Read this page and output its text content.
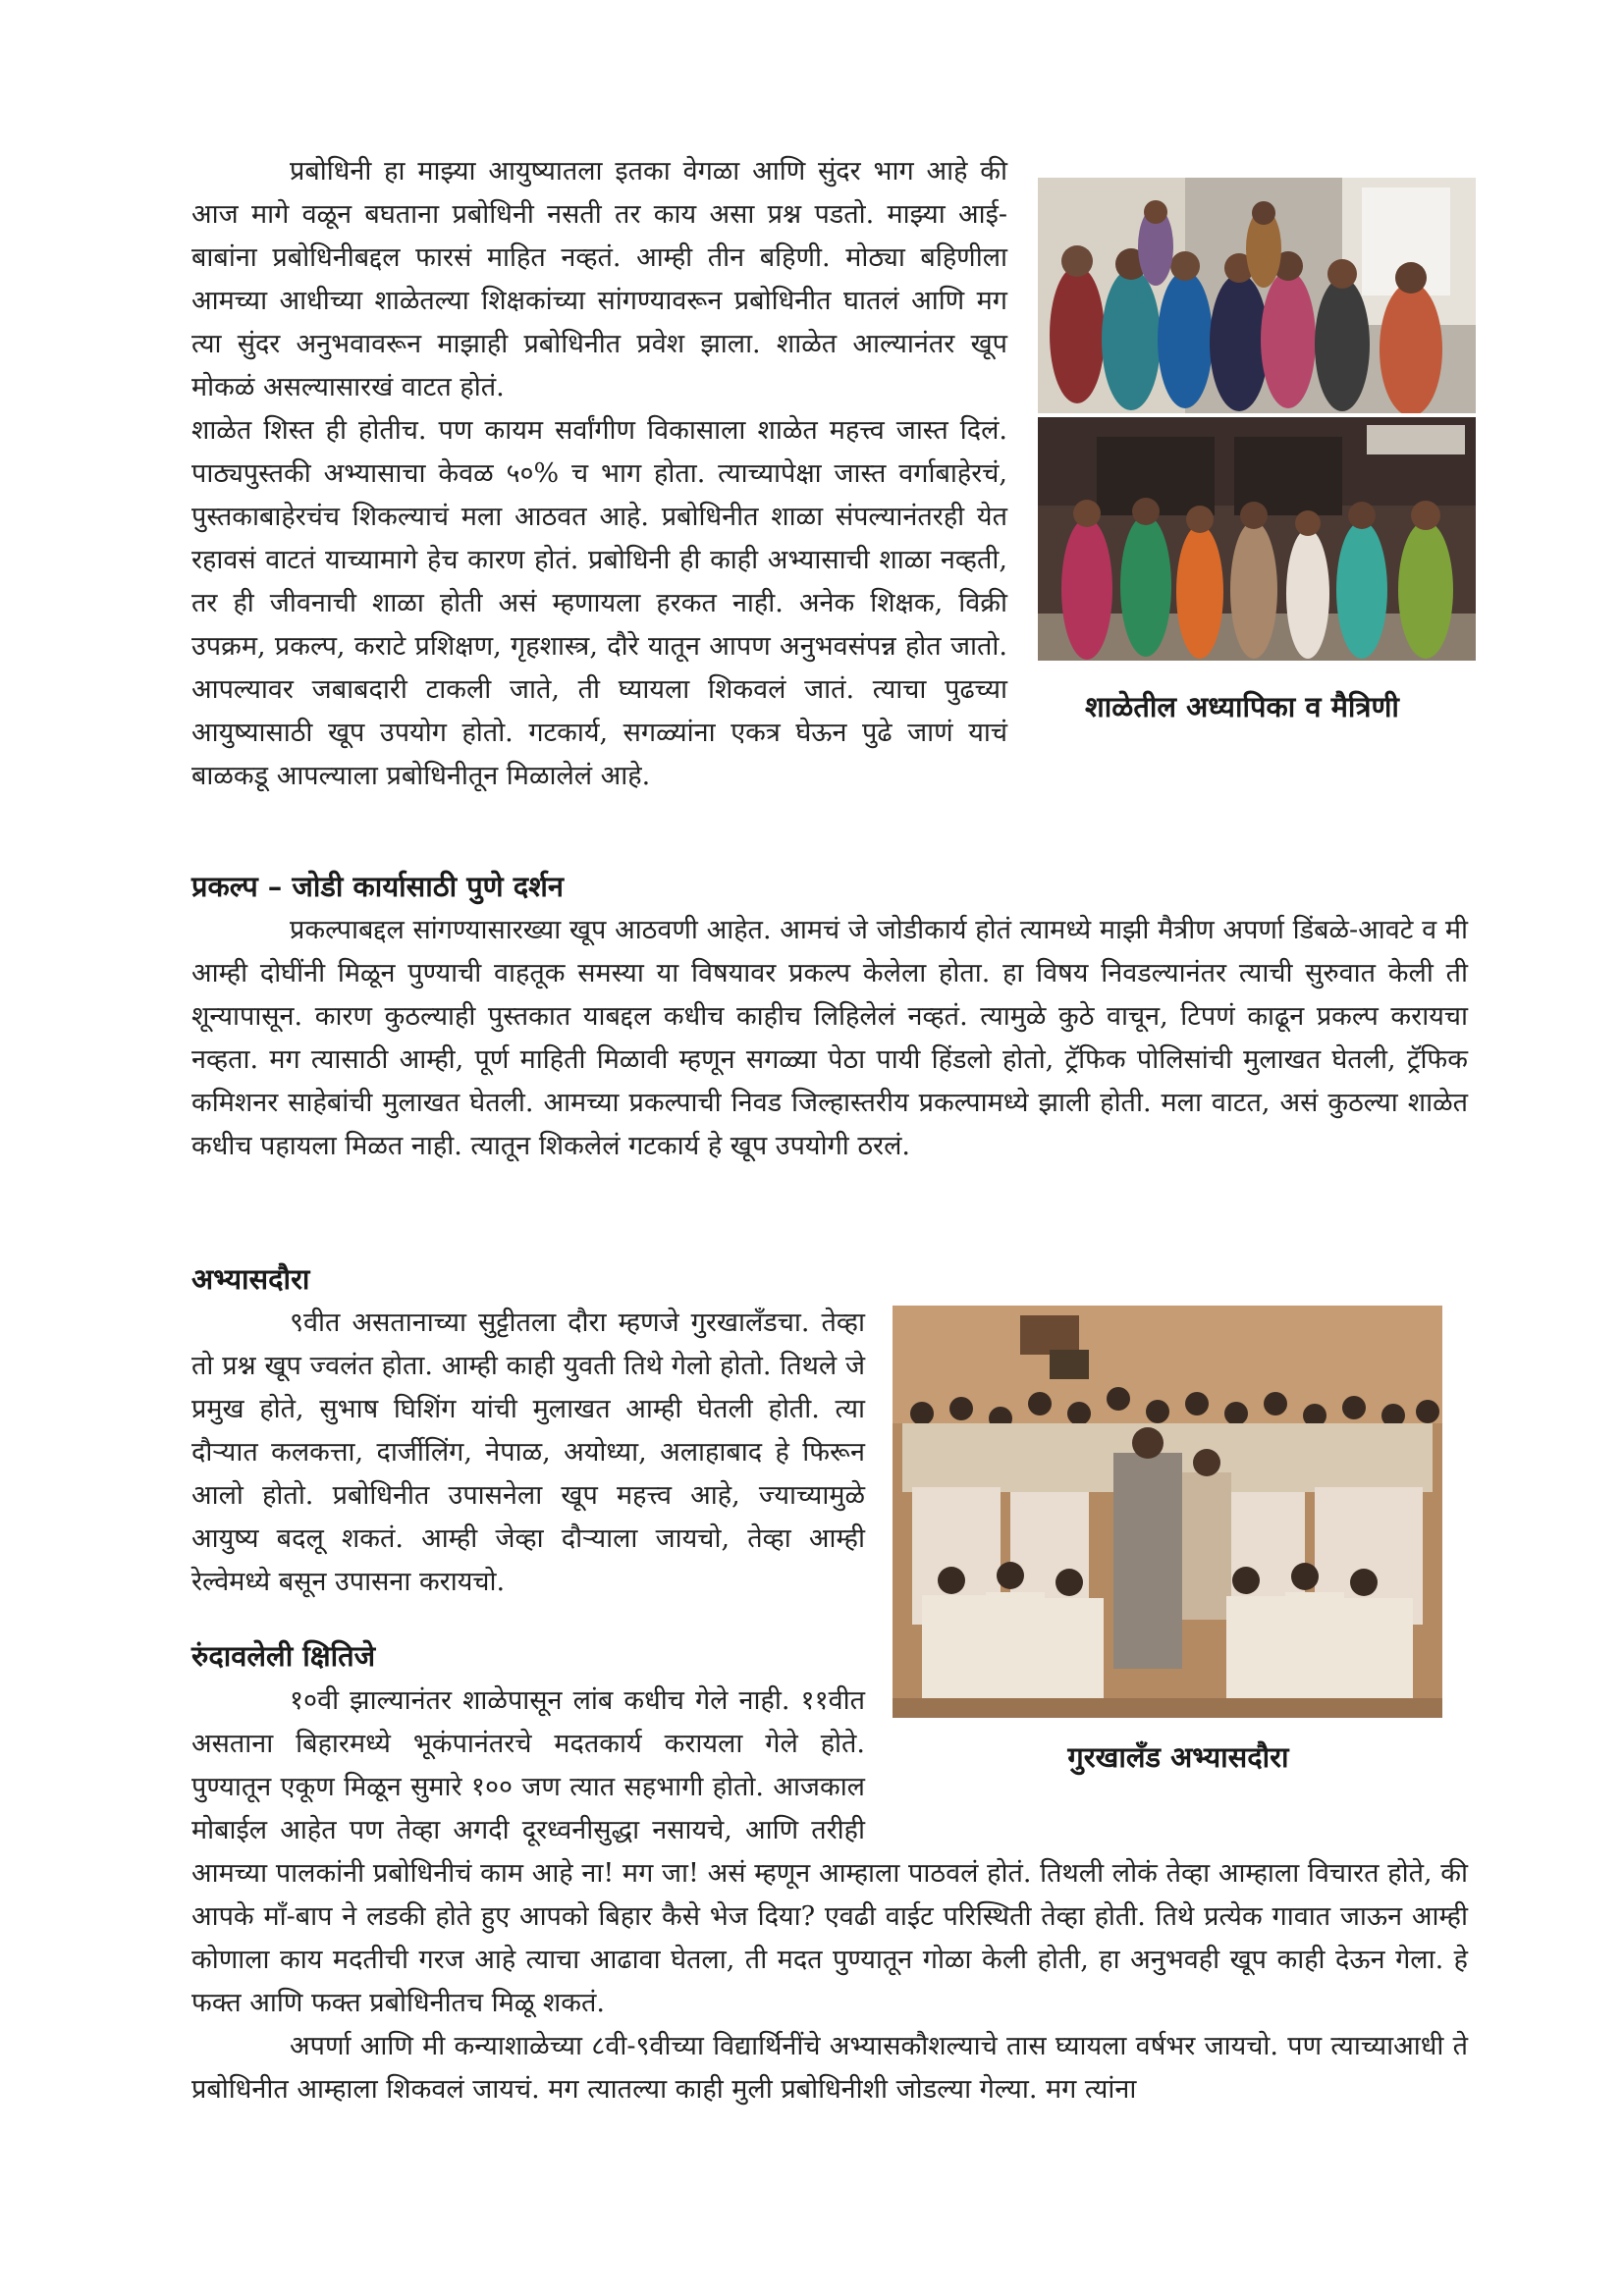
प्रबोधिनी हा माझ्या आयुष्यातला इतका वेगळा आणि सुंदर भाग आहे की आज मागे वळून बघताना प्रबोधिनी नसती तर काय असा प्रश्न पडतो. माझ्या आई-बाबांना प्रबोधिनीबद्दल फारसं माहित नव्हतं. आम्ही तीन बहिणी. मोठ्या बहिणीला आमच्या आधीच्या शाळेतल्या शिक्षकांच्या सांगण्यावरून प्रबोधिनीत घातलं आणि मग त्या सुंदर अनुभवावरून माझाही प्रबोधिनीत प्रवेश झाला. शाळेत आल्यानंतर खूप मोकळं असल्यासारखं वाटत होतं.

शाळेत शिस्त ही होतीच. पण कायम सर्वांगीण विकासाला शाळेत महत्त्व जास्त दिलं. पाठ्यपुस्तकी अभ्यासाचा केवळ ५०% च भाग होता. त्याच्यापेक्षा जास्त वर्गाबाहेरचं, पुस्तकाबाहेरचंच शिकल्याचं मला आठवत आहे. प्रबोधिनीत शाळा संपल्यानंतरही येत रहावसं वाटतं याच्यामागे हेच कारण होतं. प्रबोधिनी ही काही अभ्यासाची शाळा नव्हती, तर ही जीवनाची शाळा होती असं म्हणायला हरकत नाही. अनेक शिक्षक, विक्री उपक्रम, प्रकल्प, कराटे प्रशिक्षण, गृहशास्त्र, दौरे यातून आपण अनुभवसंपन्न होत जातो. आपल्यावर जबाबदारी टाकली जाते, ती घ्यायला शिकवलं जातं. त्याचा पुढच्या आयुष्यासाठी खूप उपयोग होतो. गटकार्य, सगळ्यांना एकत्र घेऊन पुढे जाणं याचं बाळकडू आपल्याला प्रबोधिनीतून मिळालेलं आहे.

शाळेतील अध्यापिका व मैत्रिणी
प्रकल्प – जोडी कार्यासाठी पुणे दर्शन

प्रकल्पाबद्दल सांगण्यासारख्या खूप आठवणी आहेत. आमचं जे जोडीकार्य होतं त्यामध्ये माझी मैत्रीण अपर्णा डिंबळे-आवटे व मी आम्ही दोघींनी मिळून पुण्याची वाहतूक समस्या या विषयावर प्रकल्प केलेला होता. हा विषय निवडल्यानंतर त्याची सुरुवात केली ती शून्यापासून. कारण कुठल्याही पुस्तकात याबद्दल कधीच काहीच लिहिलेलं नव्हतं. त्यामुळे कुठे वाचून, टिपणं काढून प्रकल्प करायचा नव्हता. मग त्यासाठी आम्ही, पूर्ण माहिती मिळावी म्हणून सगळ्या पेठा पायी हिंडलो होतो, ट्रॅफिक पोलिसांची मुलाखत घेतली, ट्रॅफिक कमिशनर साहेबांची मुलाखत घेतली. आमच्या प्रकल्पाची निवड जिल्हास्तरीय प्रकल्पामध्ये झाली होती. मला वाटत, असं कुठल्या शाळेत कधीच पहायला मिळत नाही. त्यातून शिकलेलं गटकार्य हे खूप उपयोगी ठरलं.

अभ्यासदौरा

९वीत असतानाच्या सुट्टीतला दौरा म्हणजे गुरखालँडचा. तेव्हा तो प्रश्न खूप ज्वलंत होता. आम्ही काही युवती तिथे गेलो होतो. तिथले जे प्रमुख होते, सुभाष घिशिंग यांची मुलाखत आम्ही घेतली होती. त्या दौऱ्यात कलकत्ता, दार्जीलिंग, नेपाळ, अयोध्या, अलाहाबाद हे फिरून आलो होतो. प्रबोधिनीत उपासनेला खूप महत्त्व आहे, ज्याच्यामुळे आयुष्य बदलू शकतं. आम्ही जेव्हा दौऱ्याला जायचो, तेव्हा आम्ही रेल्वेमध्ये बसून उपासना करायचो.

रुंदावलेली क्षितिजे

१०वी झाल्यानंतर शाळेपासून लांब कधीच गेले नाही. ११वीत असताना बिहारमध्ये भूकंपानंतरचे मदतकार्य करायला गेले होते. पुण्यातून एकूण मिळून सुमारे १०० जण त्यात सहभागी होतो. आजकाल मोबाईल आहेत पण तेव्हा अगदी दूरध्वनीसुद्धा नसायचे, आणि तरीही आमच्या पालकांनी प्रबोधिनीचं काम आहे ना! मग जा! असं म्हणून आम्हाला पाठवलं होतं. तिथली लोकं तेव्हा आम्हाला विचारत होते, की आपके माँ-बाप ने लडकी होते हुए आपको बिहार कैसे भेज दिया? एवढी वाईट परिस्थिती तेव्हा होती. तिथे प्रत्येक गावात जाऊन आम्ही कोणाला काय मदतीची गरज आहे त्याचा आढावा घेतला, ती मदत पुण्यातून गोळा केली होती, हा अनुभवही खूप काही देऊन गेला. हे फक्त आणि फक्त प्रबोधिनीतच मिळू शकतं.

अपर्णा आणि मी कन्याशाळेच्या ८वी-९वीच्या विद्यार्थिनींचे अभ्यासकौशल्याचे तास घ्यायला वर्षभर जायचो. पण त्याच्याआधी ते प्रबोधिनीत आम्हाला शिकवलं जायचं. मग त्यातल्या काही मुली प्रबोधिनीशी जोडल्या गेल्या. मग त्यांना

गुरखालँड अभ्यासदौरा
